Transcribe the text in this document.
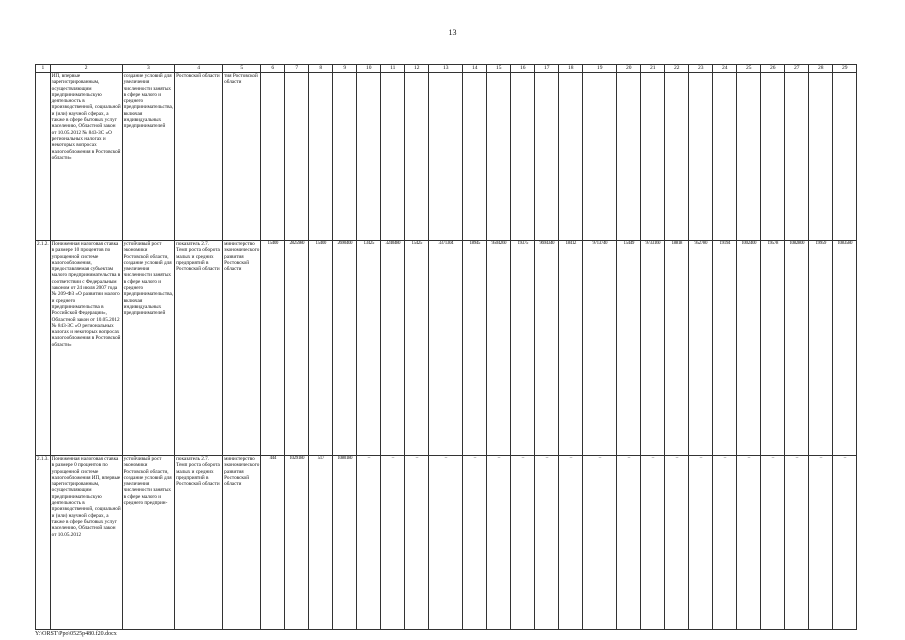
13
1	2	3	4	5	6	7	8	9	10	11	12	13	14	15	16	17	18	19	20	21	22	23	24	25	26	27	28	29
	ИП, впервые зарегистрированным, осуществляющим предпринимательскую деятельность в производственной, социальной и (или) научной сферах, а также в сфере бытовых услуг населению, Областной закон от 10.05.2012 № 843-ЗС «О региональных налогах и некоторых вопросах налогообложения в Ростовской области»	создание условий для увеличения численности занятых в сфере малого и среднего предпринимательства, включая индивидуальных предпринимателей	Ростовской области	тия Ростовской области																								
2.1.2.	Пониженная налоговая ставка в размере 10 процентов по упрощенной системе налогообложения, предоставляемая субъектам малого предпринимательства в соответствии с Федеральным законом от 24 июля 2007 года № 209-ФЗ «О развитии малого и среднего предпринимательства в Российской Федерации», Областной закон от 10.05.2012 № 843-ЗС «О региональных налогах и некоторых вопросах налогообложения в Ростовской области»	устойчивый рост экономики Ростовской области, создание условий для увеличения численности занятых в сфере малого и среднего предпринимательства, включая индивидуальных предпринимателей	показатель 2.7. Темп роста оборота малых и средних предприятий в Ростовской области	министерство экономического развития Ростовской области	15400	2825980	15400	2690400	13425	3240480	15425	3371304	18945	9504260	19375	9694340	18412	9713740	15449	9733160	18818	952780	19194	1002400	19578	1082800	19959	1083580
2.1.3.	Пониженная налоговая ставка в размере 0 процентов по упрощенной системе налогообложения ИП, впервые зарегистрированным, осуществляющим предпринимательскую деятельность в производственной, социальной и (или) научной сферах, а также в сфере бытовых услуг населению, Областной закон от 10.05.2012	устойчивый рост экономики Ростовской области, создание условий для увеличения численности занятых в сфере малого и среднего предприн-	показатель 2.7. Темп роста оборота малых и средних предприятий в Ростовской области	министерство экономического развития Ростовской области	444	1029180	517	1080180	–	–	–	–	–	–	–	–	–	–	–	–	–	–	–	–	–	–	–	–
Y:\ORST\Ppo\0525p480.f20.docx
